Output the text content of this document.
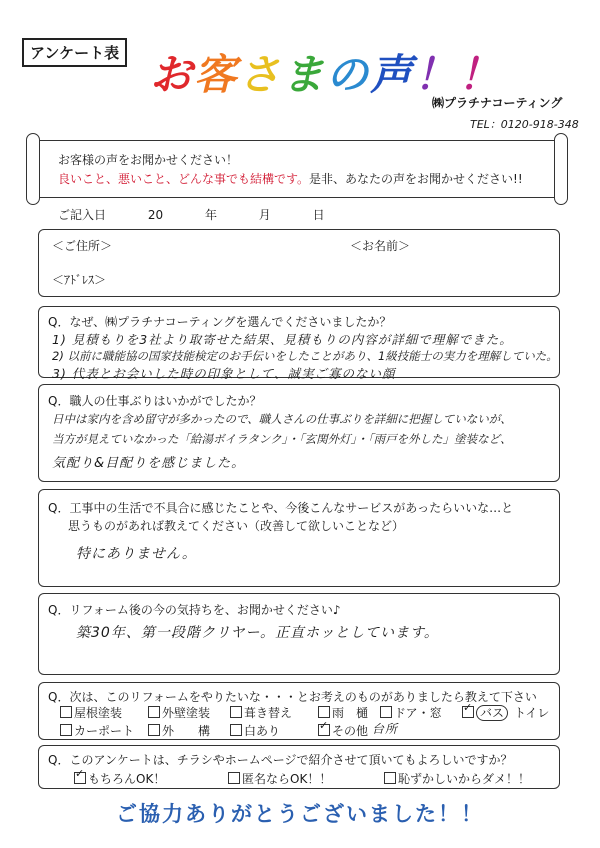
アンケート表 お客さまの声！！
㈱プラチナコーティング
TEL：0120-918-348
お客様の声をお聞かせください！
良いこと、悪いこと、どんな事でも結構です。是非、あなたの声をお聞かせください!!
ご記入日	20	年	月	日
＜ご住所＞	＜お名前＞
＜ｱﾄﾞﾚｽ＞
Q．なぜ、㈱プラチナコーティングを選んでくださいましたか？
1) 見積もりを3社より取寄せた結果、見積もりの内容が詳細で理解できた。
2) 以前に職能協の国家技能検定のお手伝いをしたことがあり、1級技能士の実力を理解していた。
3) 代表とお会いした時の印象として、誠実ご寡のない顔
Q．職人の仕事ぶりはいかがでしたか？
日中は家内を含め留守が多かったので、職人さんの仕事ぶりを詳細に把握していないが、
当方が見えていなかった「給湯ボイラタンク」・「玄関外灯」・「雨戸を外した」塗装など、
気配り&目配りを感じました。
Q．工事中の生活で不具合に感じたことや、今後こんなサービスがあったらいいな…と
思うものがあれば教えてください（改善して欲しいことなど）
特にありません。
Q．リフォーム後の今の気持ちを、お聞かせください♪
築30年、第一段階クリヤー。正直ホッとしています。
Q．次は、このリフォームをやりたいな・・・とお考えのものがありましたら教えて下さい
屋根塗装	外壁塗装	葺き替え	雨　樋	ドア・窓 ✓ バス トイレ
カーポート	外　　構	白あり	✓ その他 台所
Q．このアンケートは、チラシやホームページで紹介させて頂いてもよろしいですか？
✓ もちろんOK！	匿名ならOK！！	恥ずかしいからダメ！！
ご協力ありがとうございました！！
